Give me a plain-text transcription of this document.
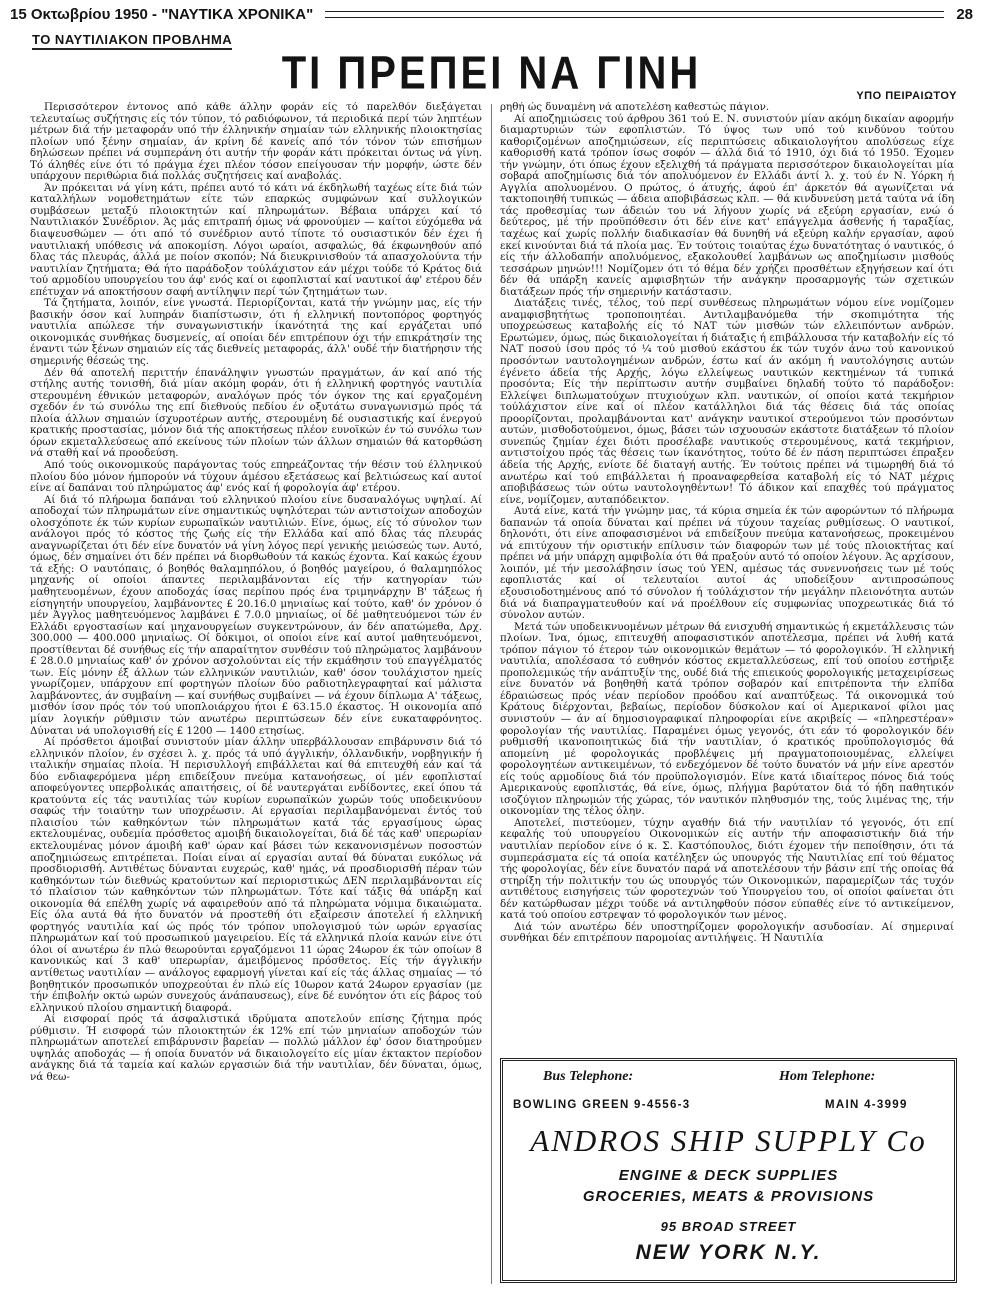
15 Οκτωβρίου 1950 - "ΝΑΥΤΙΚΑ ΧΡΟΝΙΚΑ"	28
ΤΟ ΝΑΥΤΙΛΙΑΚΟΝ ΠΡΟΒΛΗΜΑ
ΤΙ ΠΡΕΠΕΙ ΝΑ ΓΙΝΗ	ΥΠΟ ΠΕΙΡΑΙΩΤΟΥ

Περισσότερον έντονος από κάθε άλλην φοράν είς τό παρελθόν διεξάγεται τελευταίως συζήτησις είς τόν τύπον, τό ραδιόφωνον, τά περιοδικά περί τών ληπτέων μέτρων διά τήν μεταφοράν υπό τήν έλληνικήν σημαίαν τών ελληνικής πλοιοκτησίας πλοίων υπό ξένην σημαίαν, άν κρίνη δέ κανείς από τόν τόνον τών επισήμων δηλώσεων πρέπει νά συμπεράνη ότι αυτήν τήν φοράν κάτι πρόκειται όντως νά γίνη. Τό άληθές είνε ότι τό πράγμα έχει πλέον τόσον επείγουσαν τήν μορφήν, ώστε δέν υπάρχουν περιθώρια διά πολλάς συζητήσεις καί αναβολάς.

Άν πρόκειται νά γίνη κάτι, πρέπει αυτό τό κάτι νά έκδηλωθή ταχέως είτε διά τών καταλλήλων νομοθετημάτων είτε τών επαρκώς συμφώνων καί συλλογικών συμβάσεων μεταξύ πλοιοκτητών καί πληρωμάτων. Βέβαια υπάρχει καί τό Ναυτιλιακόν Συνέδριον. Άς μάς επιτραπή όμως νά φρονούμεν — καίτοι εύχόμεθα νά διαψευσθώμεν — ότι από τό συνέδριον αυτό τίποτε τό ουσιαστικόν δέν έχει ή ναυτιλιακή υπόθεσις νά αποκομίση. Λόγοι ωραίοι, ασφαλώς, θά έκφωνηθούν από δλας τάς πλευράς, άλλά με ποίον σκοπόν; Νά διευκρινισθούν τά απασχολούντα τήν ναυτιλίαν ζητήματα; Θά ήτο παράδοξον τούλάχιστον εάν μέχρι τούδε τό Κράτος διά τού αρμοδίου υπουργείου του άφ' ενός καί οι εφοπλισταί καί ναυτικοί άφ' ετέρου δέν επέτυχαν νά αποκτήσουν σαφή αντίληψιν περί τών ζητημάτων των.

Τά ζητήματα, λοιπόν, είνε γνωστά. Περιορίζονται, κατά τήν γνώμην μας, είς τήν βασικήν όσον καί λυπηράν διαπίστωσιν, ότι ή ελληνική ποντοπόρος φορτηγός ναυτιλία απώλεσε τήν συναγωνιστικήν ίκανότητά της καί εργάζεται υπό οικονομικάς συνθήκας δυσμενείς, αί οποίαι δέν επιτρέπουν όχι τήν επικράτησίν της έναντι τών ξένων σημαιών είς τάς διεθνείς μεταφοράς, άλλ' ουδέ τήν διατήρησιν τής σημερινής θέσεώς της.

Δέν θά αποτελή περιττήν έπανάληψιν γνωστών πραγμάτων, άν καί από τής στήλης αυτής τονισθή, διά μίαν ακόμη φοράν, ότι ή ελληνική φορτηγός ναυτιλία στερουμένη έθνικών μεταφορών, αναλόγων πρός τόν όγκον της καί εργαζομένη σχεδόν έν τώ συνόλω της επί διεθνούς πεδίου έν οξυτάτω συναγωνισμώ πρός τά πλοία άλλων σημαιών ίσχυροτέρων αυτής, στερουμένη δέ ουσιαστικής καί ένεργού κρατικής προστασίας, μόνον διά τής αποκτήσεως πλέον ευνοϊκών έν τώ συνόλω των όρων εκμεταλλεύσεως από εκείνους τών πλοίων τών άλλων σημαιών θά κατορθώση νά σταθή καί νά προοδεύση.

Από τούς οικονομικούς παράγοντας τούς επηρεάζοντας τήν θέσιν τού έλληνικού πλοίου δύο μόνον ήμπορούν νά τύχουν άμέσου εξετάσεως καί βελτιώσεως καί αυτοί είνε αί δαπάναι τού πληρώματος άφ' ενός καί ή φορολογία άφ' ετέρου.

Αί διά τό πλήρωμα δαπάναι τού ελληνικού πλοίου είνε δυσαναλόγως υψηλαί. Αί αποδοχαί τών πληρωμάτων είνε σημαντικώς υψηλότεραι τών αντιστοίχων αποδοχών ολοσχόποτε έκ τών κυρίων ευρωπαϊκών ναυτιλιών. Είνε, όμως, είς τό σύνολον των ανάλογοι πρός τό κόστος τής ζωής είς τήν Ελλάδα καί από δλας τάς πλευράς αναγνωρίζεται ότι δέν είνε δυνατόν νά γίνη λόγος περί γενικής μειώσεώς των. Αυτό, όμως, δέν σημαίνει ότι δέν πρέπει νά διορθωθούν τά κακώς έχοντα. Καί κακώς έχουν τά εξής: Ο ναυτόπαις, ό βοηθός θαλαμηπόλου, ό βοηθός μαγείρου, ό θαλαμηπόλος μηχανής οί οποίοι άπαντες περιλαμβάνονται είς τήν κατηγορίαν τών μαθητευομένων, έχουν αποδοχάς ίσας περίπου πρός ένα τριμηνάρχην Β' τάξεως ή είσηγητήν υπουργείου, λαμβάνοντες £ 20.16.0 μηνιαίως καί τούτο, καθ' όν χρόνον ό μέν Άγγλος μαθητευόμενος λαμβάνει £ 7.0.0 μηνιαίως, οί δέ μαθητευόμενοι τών έν Ελλάδι εργοστασίων καί μηχανουργείων συγκεντρώνουν, άν δέν απατώμεθα, Δρχ. 300.000 — 400.000 μηνιαίως. Οί δόκιμοι, οί οποίοι είνε καί αυτοί μαθητευόμενοι, προστίθενται δέ συνήθως είς τήν απαραίτητον συνθέσιν τού πληρώματος λαμβάνουν £ 28.0.0 μηνιαίως καθ' όν χρόνον ασχολούνται είς τήν εκμάθησιν τού επαγγέλματός των. Είς μόνην έξ άλλων τών ελληνικών ναυτιλιών, καθ' όσον τουλάχιστον ημείς γνωρίζομεν, υπάρχουν επί φορτηγών πλοίων δύο ραδιοτηλεγραφηταί καί μάλιστα λαμβάνοντες, άν συμβαίνη — καί συνήθως συμβαίνει — νά έχουν δίπλωμα Α' τάξεως, μισθόν ίσον πρός τόν τού υποπλοιάρχου ήτοι £ 63.15.0 έκαστος. Ή οικονομία από μίαν λογικήν ρύθμισιν τών ανωτέρω περιπτώσεων δέν είνε ευκαταφρόνητος. Δύναται νά υπολογισθή είς £ 1200 — 1400 ετησίως.

Αί πρόσθετοι άμοιβαί συνιστούν μίαν άλλην υπερβάλλουσαν επιβάρυνσιν διά τό ελληνικόν πλοίον, έν σχέσει λ. χ. πρός τά υπό άγγλικήν, όλλανδικήν, νορβηγικήν ή ιταλικήν σημαίας πλοία. Ή περισυλλογή επιβάλλεται καί θά επιτευχθή εάν καί τά δύο ενδιαφερόμενα μέρη επιδείξουν πνεύμα κατανοήσεως, οί μέν εφοπλισταί αποφεύγοντες υπερβολικάς απαιτήσεις, οί δέ ναυτεργάται ενδίδοντες, εκεί όπου τά κρατούντα είς τάς ναυτιλίας τών κυρίων ευρωπαϊκών χωρών τούς υποδεικνύουν σαφώς τήν τοιαύτην των υποχρέωσιν. Αί εργασίαι περιλαμβανόμεναι έντός τού πλαισίου τών καθηκόντων τών πληρωμάτων κατά τάς εργασίμους ώρας εκτελουμένας, ουδεμία πρόσθετος αμοιβή δικαιολογείται, διά δέ τάς καθ' υπερωρίαν εκτελουμένας μόνον άμοιβή καθ' ώραν καί βάσει τών κεκανονισμένων ποσοστών αποζημιώσεως επιτρέπεται. Ποίαι είναι αί εργασίαι αυταί θά δύναται ευκόλως νά προσδιορισθή. Αντιθέτως δύνανται ευχερώς, καθ' ημάς, νά προσδιορισθή πέραν τών καθηκόντων τών διεθνώς κρατούντων καί περιοριστικώς ΔΕΝ περιλαμβάνονται είς τό πλαίσιον τών καθηκόντων τών πληρωμάτων. Τότε καί τάξις θά υπάρξη καί οικονομία θά επέλθη χωρίς νά αφαιρεθούν από τά πληρώματα νόμιμα δικαιώματα. Είς όλα αυτά θά ήτο δυνατόν νά προστεθή ότι εξαίρεσιν άποτελεί ή ελληνική φορτηγός ναυτιλία καί ώς πρός τόν τρόπον υπολογισμού τών ωρών εργασίας πληρωμάτων καί τού προσωπικού μαγειρείου. Είς τά ελληνικά πλοία κανών είνε ότι όλοι οί ανωτέρω έν πλώ θεωρούνται εργαζόμενοι 11 ώρας 24ωρον έκ τών οποίων 8 κανονικώς καί 3 καθ' υπερωρίαν, άμειβόμενος πρόσθετος. Είς τήν άγγλικήν αντίθετως ναυτιλίαν — ανάλογος εφαρμογή γίνεται καί είς τάς άλλας σημαίας — τό βοηθητικόν προσωπικόν υποχρεούται έν πλώ είς 10ωρον κατά 24ωρον εργασίαν (με τήν έπιβολήν οκτώ ωρών συνεχούς άνάπαυσεως), είνε δέ ευνόητον ότι είς βάρος τού ελληνικού πλοίου σημαντική διαφορά.

Αί εισφοραί πρός τά άσφαλιστικά ιδρύματα αποτελούν επίσης ζήτημα πρός ρύθμισιν. Ή εισφορά τών πλοιοκτητών έκ 12% επί τών μηνιαίων αποδοχών τών πληρωμάτων αποτελεί επιβάρυνσιν βαρείαν — πολλώ μάλλον έφ' όσον διατηρούμεν υψηλάς αποδοχάς — ή οποία δυνατόν νά δικαιολογείτο είς μίαν έκτακτον περίοδον ανάγκης διά τά ταμεία καί καλών εργασιών διά τήν ναυτιλίαν, δέν δύναται, όμως, νά θεω-

ρηθή ώς δυναμένη νά αποτελέση καθεστώς πάγιον.

Αί αποζημιώσεις τού άρθρου 361 τού Ε. Ν. συνιστούν μίαν ακόμη δικαίαν αφορμήν διαμαρτυριών τών εφοπλιστών. Τό ύψος των υπό τού κινδύνου τούτου καθοριζομένων αποζημιώσεων, είς περιπτώσεις αδικαιολογήτου απολύσεως είχε καθορισθή κατά τρόπον ίσως σοφόν — άλλά διά τό 1910, όχι διά τό 1950. Έχομεν τήν γνώμην, ότι όπως έχουν εξελιχθή τά πράγματα περισσότερον δικαιολογείται μία σοβαρά αποζημίωσις διά τόν απολυόμενον έν Ελλάδι άντί λ. χ. τού έν Ν. Υόρκη ή Αγγλία απολυομένου. Ο πρώτος, ό άτυχής, άφού έπ' άρκετόν θά αγωνίζεται νά τακτοποιηθή τυπικώς — άδεια αποβιβάσεως κλπ. — θά κινδυνεύση μετά ταύτα νά ίδη τάς προθεσμίας των άδειών του νά λήγουν χωρίς νά εξεύρη εργασίαν, ενώ ό δεύτερος, μέ τήν προϋπόθεσιν ότι δέν είνε κατ' επάγγελμα άσθενής ή ταραξίας, ταχέως καί χωρίς πολλήν διαδικασίαν θά δυνηθή νά εξεύρη καλήν εργασίαν, αφού εκεί κινούνται διά τά πλοία μας. Έν τούτοις τοιαύτας έχω δυνατότητας ό ναυτικός, ό είς τήν άλλοδαπήν απολυόμενος, εξακολουθεί λαμβάνων ως αποζημίωσιν μισθούς τεσσάρων μηνών!!! Νομίζομεν ότι τό θέμα δέν χρήζει προσθέτων εξηγήσεων καί ότι δέν θά υπάρξη κανείς αμφισβητών τήν ανάγκην προσαρμογής τών σχετικών διατάξεων πρός τήν σημερινήν κατάστασιν.

Διατάξεις τινές, τέλος, τού περί συνθέσεως πληρωμάτων νόμου είνε νομίζομεν αναμφισβητήτως τροποποιητέαι. Αντιλαμβανόμεθα τήν σκοπιμότητα τής υποχρεώσεως καταβολής είς τό ΝΑΤ τών μισθών τών ελλειπόντων ανδρών. Ερωτώμεν, όμως, πώς δικαιολογείται ή διάταξις ή επιβάλλουσα τήν καταβολήν είς τό ΝΑΤ ποσού ίσου πρός τό ¼ τού μισθού εκάστου έκ τών τυχόν άνω τού κανονικού προσόντων ναυτολογημένων ανδρών, έστω καί άν ακόμη ή ναυτολόγησις αυτών έγένετο άδεία τής Αρχής, λόγω ελλείψεως ναυτικών κεκτημένων τά τυπικά προσόντα; Είς τήν περίπτωσιν αυτήν συμβαίνει δηλαδή τούτο τό παράδοξον: Ελλείψει διπλωματούχων πτυχιούχων κλπ. ναυτικών, οί οποίοι κατά τεκμήριον τούλάχιστον είνε καί οί πλέον κατάλληλοι διά τάς θέσεις διά τάς οποίας προορίζονται, προλαμβάνονται κατ' ανάγκην ναυτικοί στερούμενοι τών προσόντων αυτών, μισθοδοτούμενοι, όμως, βάσει τών ισχυουσών εκάστοτε διατάξεων τό πλοίον συνεπώς ζημίαν έχει διότι προσέλαβε ναυτικούς στερουμένους, κατά τεκμήριον, αντιστοίχου πρός τάς θέσεις των ίκανότητος, τούτο δέ έν πάση περιπτώσει έπραξεν άδεία τής Αρχής, ενίοτε δέ διαταγή αυτής. Έν τούτοις πρέπει νά τιμωρηθή διά τό ανωτέρω καί τού επιβάλλεται ή προαναφερθείσα καταβολή είς τό ΝΑΤ μέχρις αποβιβάσεως τών ούτω ναυτολογηθέντων! Τό άδικον καί επαχθές τού πράγματος είνε, νομίζομεν, αυταπόδεικτον.

Αυτά είνε, κατά τήν γνώμην μας, τά κύρια σημεία έκ τών αφορώντων τό πλήρωμα δαπανών τά οποία δύναται καί πρέπει νά τύχουν ταχείας ρυθμίσεως. Ο ναυτικοί, δηλονότι, ότι είνε αποφασισμένοι νά επιδείξουν πνεύμα κατανοήσεως, προκειμένου νά επιτύχουν τήν οριστικήν επίλυσιν τών διαφορών των μέ τούς πλοιοκτήτας καί πρέπει νά μήν υπάρχη αμφιβολία ότι θά πραξούν αυτό τό οποίον λέγουν. Άς αρχίσουν, λοιπόν, μέ τήν μεσολάβησιν ίσως τού ΥΕΝ, αμέσως τάς συνεννοήσεις των μέ τούς εφοπλιστάς καί οί τελευταίοι αυτοί άς υποδείξουν αντιπροσώπους εξουσιοδοτημένους από τό σύνολον ή τούλάχιστον τήν μεγάλην πλειονότητα αυτών διά νά διαπραγματευθούν καί νά προέλθουν είς συμφωνίας υποχρεωτικάς διά τό σύνολον αυτών.

Μετά τών υποδεικνυομένων μέτρων θά ενισχυθή σημαντικώς ή εκμετάλλευσις τών πλοίων. Ίνα, όμως, επιτευχθή αποφασιστικόν αποτέλεσμα, πρέπει νά λυθή κατά τρόπον πάγιον τό έτερον τών οικονομικών θεμάτων — τό φορολογικόν. Ή ελληνική ναυτιλία, απολέσασα τό ευθηνόν κόστος εκμεταλλεύσεως, επί τού οποίου εστήριξε προπολεμικώς τήν ανάπτυξίν της, ουδέ διά τής επιεικούς φορολογικής μεταχειρίσεως είνε δυνατόν νά βοηθηθή κατά τρόπον σοβαρόν καί επιτρέποντα τήν ελπίδα έδραιώσεως πρός νέαν περίοδον προόδου καί αναπτύξεως. Τά οικονομικά τού Κράτους διέρχονται, βεβαίως, περίοδον δύσκολον καί οί Αμερικανοί φίλοι μας συνιστούν — άν αί δημοσιογραφικαί πληροφορίαι είνε ακριβείς — «πληρεστέραν» φορολογίαν τής ναυτιλίας. Παραμένει όμως γεγονός, ότι εάν τό φορολογικόν δέν ρυθμισθή ικανοποιητικώς διά τήν ναυτιλίαν, ό κρατικός προϋπολογισμός θά απομείνη μέ φορολογικάς προβλέψεις μή πραγματοποιουμένας, ελλείψει φορολογητέων αντικειμένων, τό ενδεχόμενον δέ τούτο δυνατόν νά μήν είνε αρεστόν είς τούς αρμοδίους διά τόν προϋπολογισμόν. Είνε κατά ιδιαίτερος πόνος διά τούς Αμερικανούς εφοπλιστάς, θά είνε, όμως, πλήγμα βαρύτατον διά τό ήδη παθητικόν ισοζύγιον πληρωμών τής χώρας, τόν ναυτικόν πληθυσμόν της, τούς λιμένας της, τήν οικονομίαν της τέλος όλην.

Αποτελεί, πιστεύομεν, τύχην αγαθήν διά τήν ναυτιλίαν τό γεγονός, ότι επί κεφαλής τού υπουργείου Οικονομικών είς αυτήν τήν αποφασιστικήν διά τήν ναυτιλίαν περίοδον είνε ό κ. Σ. Καστόπουλος, διότι έχομεν τήν πεποίθησιν, ότι τά συμπεράσματα είς τά οποία κατέληξεν ώς υπουργός τής Ναυτιλίας επί τού θέματος τής φορολογίας, δέν είνε δυνατόν παρά νά αποτελέσουν τήν βάσιν επί τής οποίας θά στηρίξη τήν πολιτικήν του ώς υπουργός τών Οικονομικών, παραμερίζων τάς τυχόν αντιθέτους εισηγήσεις τών φοροτεχνών τού Υπουργείου του, οί οποίοι φαίνεται ότι δέν κατώρθωσαν μέχρι τούδε νά αντιληφθούν πόσον εύπαθές είνε τό αντικείμενον, κατά τού οποίου εστρεψαν τό φορολογικόν των μένος.

Διά τών ανωτέρω δέν υποστηρίζομεν φορολογικήν ασυδοσίαν. Αί σημεριναί συνθήκαι δέν επιτρέπουν παρομοίας αντιλήψεις. Ή Ναυτιλία

Bus Telephone:	Hom Telephone:
BOWLING GREEN 9-4556-3	MAIN 4-3999
ANDROS SHIP SUPPLY Co
ENGINE & DECK SUPPLIES
GROCERIES, MEATS & PROVISIONS
95 BROAD STREET
NEW YORK N.Y.
